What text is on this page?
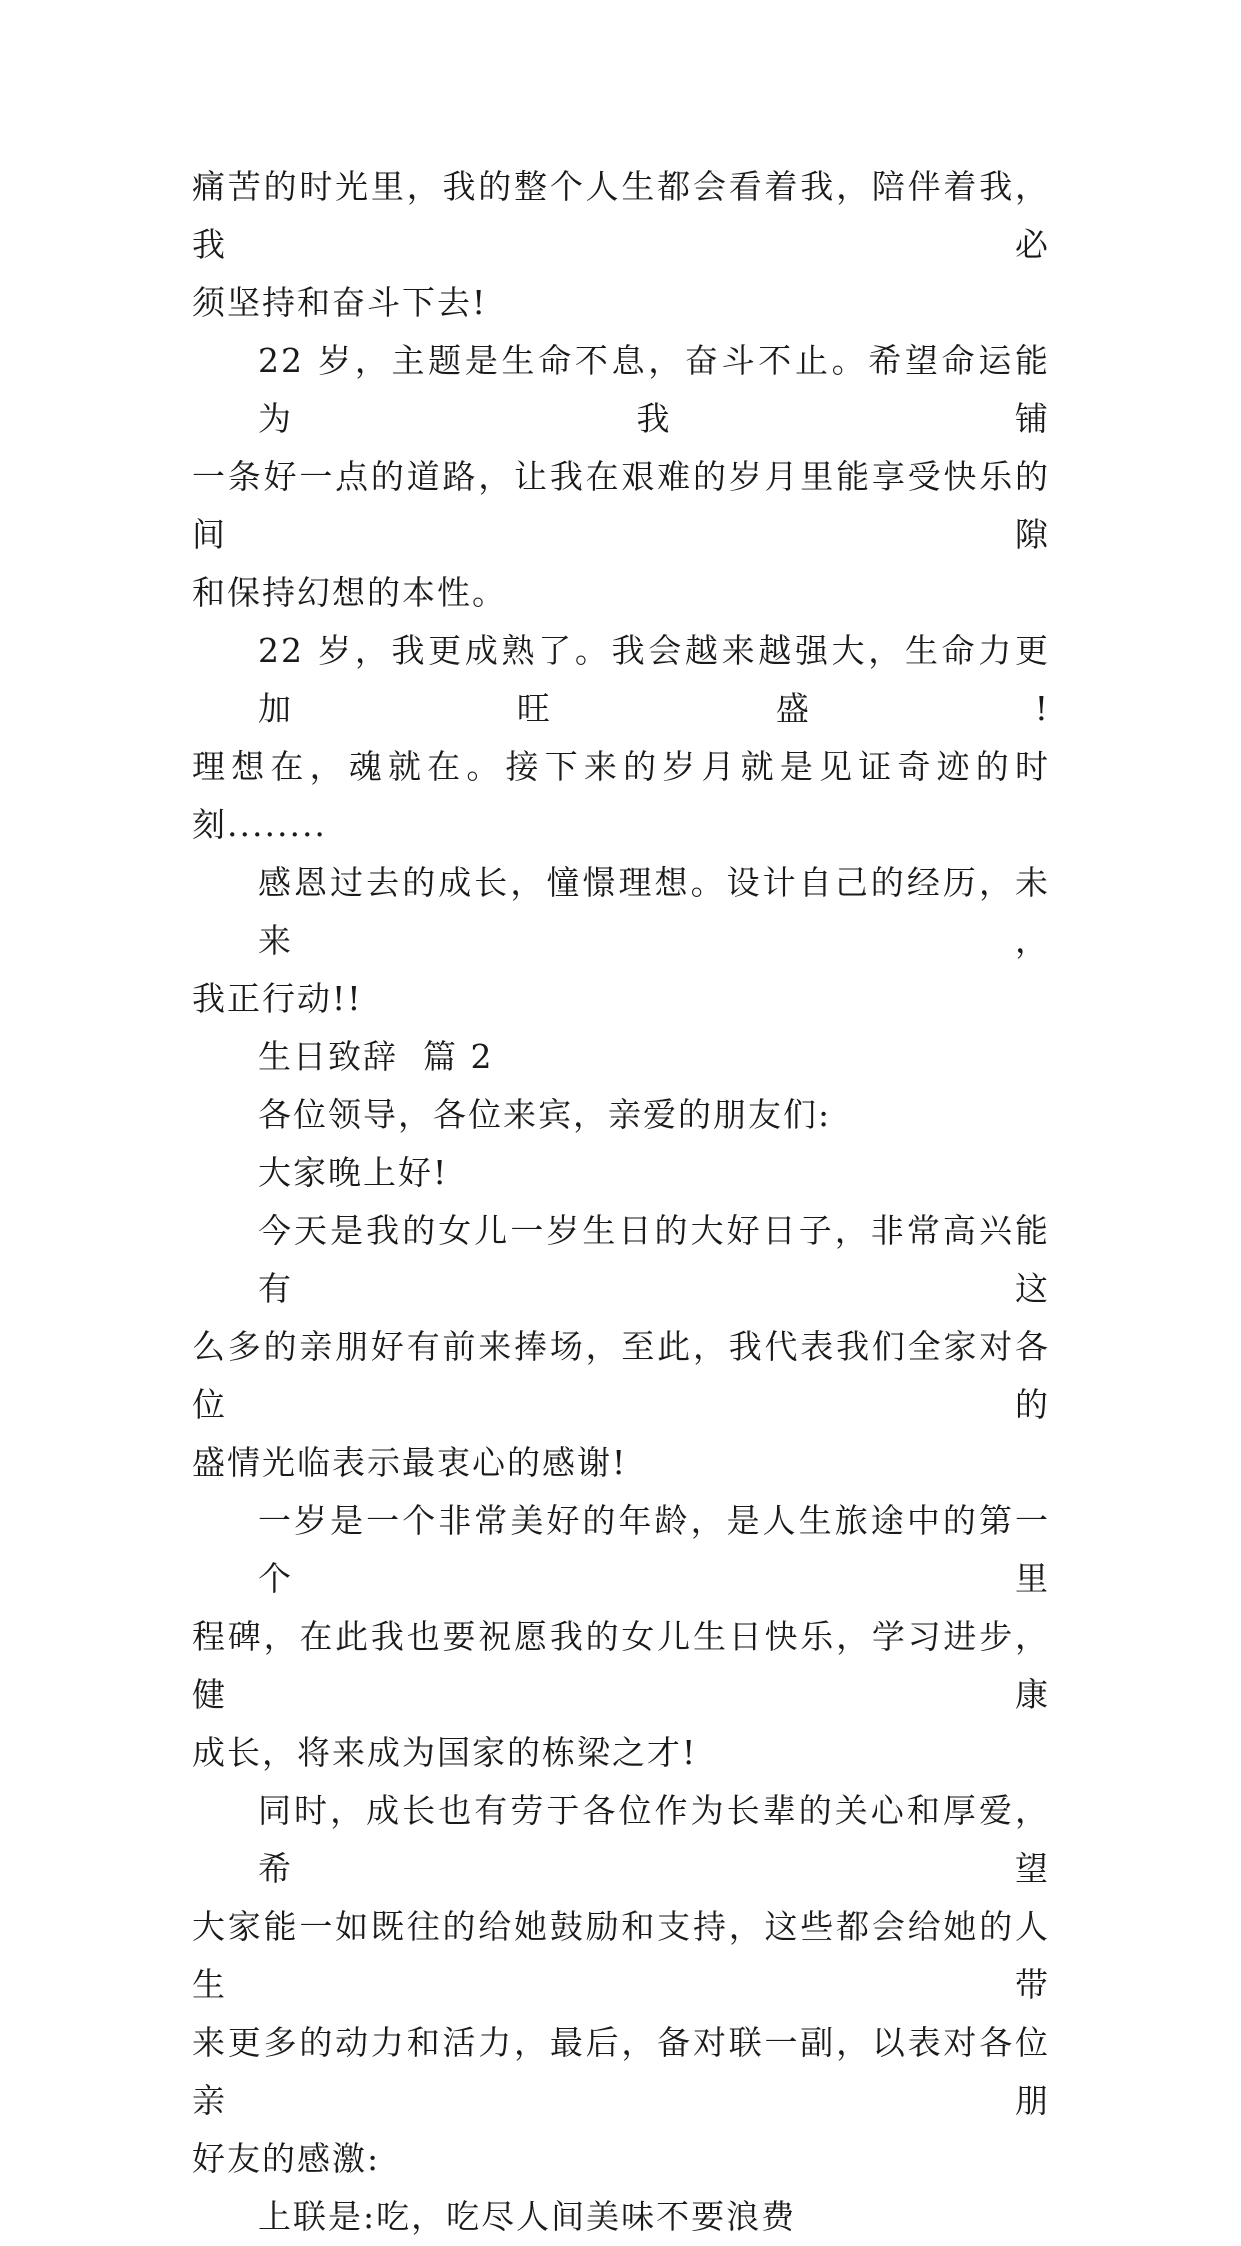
痛苦的时光里，我的整个人生都会看着我，陪伴着我，我必
须坚持和奋斗下去!

22 岁，主题是生命不息，奋斗不止。希望命运能为我铺
一条好一点的道路，让我在艰难的岁月里能享受快乐的间隙
和保持幻想的本性。

22 岁，我更成熟了。我会越来越强大，生命力更加旺盛!
理想在，魂就在。接下来的岁月就是见证奇迹的时
刻........

感恩过去的成长，憧憬理想。设计自己的经历，未来，
我正行动!!

生日致辞  篇 2

各位领导，各位来宾，亲爱的朋友们:

大家晚上好!

今天是我的女儿一岁生日的大好日子，非常高兴能有这
么多的亲朋好有前来捧场，至此，我代表我们全家对各位的
盛情光临表示最衷心的感谢!

一岁是一个非常美好的年龄，是人生旅途中的第一个里
程碑，在此我也要祝愿我的女儿生日快乐，学习进步，健康
成长，将来成为国家的栋梁之才!

同时，成长也有劳于各位作为长辈的关心和厚爱，希望
大家能一如既往的给她鼓励和支持，这些都会给她的人生带
来更多的动力和活力，最后，备对联一副，以表对各位亲朋
好友的感激:

上联是:吃，吃尽人间美味不要浪费
